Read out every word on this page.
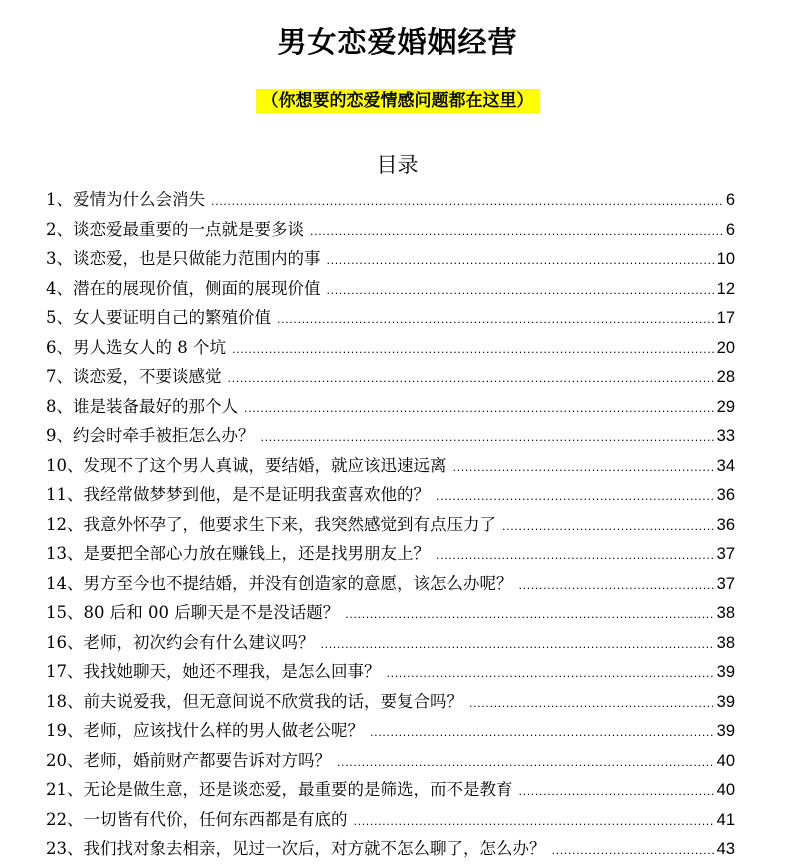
男女恋爱婚姻经营
（你想要的恋爱情感问题都在这里）
目录
1、 爱情为什么会消失 .....	6
2、 谈恋爱最重要的一点就是要多谈 .....	6
3、 谈恋爱，也是只做能力范围内的事 .....	10
4、 潜在的展现价值，侧面的展现价值 .....	12
5、 女人要证明自己的繁殖价值 .....	17
6、 男人选女人的 8 个坑 .....	20
7、 谈恋爱，不要谈感觉 .....	28
8、 谁是装备最好的那个人 .....	29
9、 约会时牵手被拒怎么办？ .....	33
10、 发现不了这个男人真诚，要结婚，就应该迅速远离 .....	34
11、 我经常做梦梦到他，是不是证明我蛮喜欢他的？ .....	36
12、 我意外怀孕了，他要求生下来，我突然感觉到有点压力了 .....	36
13、 是要把全部心力放在赚钱上，还是找男朋友上？ .....	37
14、 男方至今也不提结婚，并没有创造家的意愿，该怎么办呢？ .....	37
15、 80 后和 00 后聊天是不是没话题？ .....	38
16、 老师，初次约会有什么建议吗？ .....	38
17、 我找她聊天，她还不理我，是怎么回事？ .....	39
18、 前夫说爱我，但无意间说不欣赏我的话，要复合吗？ .....	39
19、 老师，应该找什么样的男人做老公呢？ .....	39
20、 老师，婚前财产都要告诉对方吗？ .....	40
21、 无论是做生意，还是谈恋爱，最重要的是筛选，而不是教育 .....	40
22、 一切皆有代价，任何东西都是有底的 .....	41
23、 我们找对象去相亲，见过一次后，对方就不怎么聊了，怎么办？ .....	43
